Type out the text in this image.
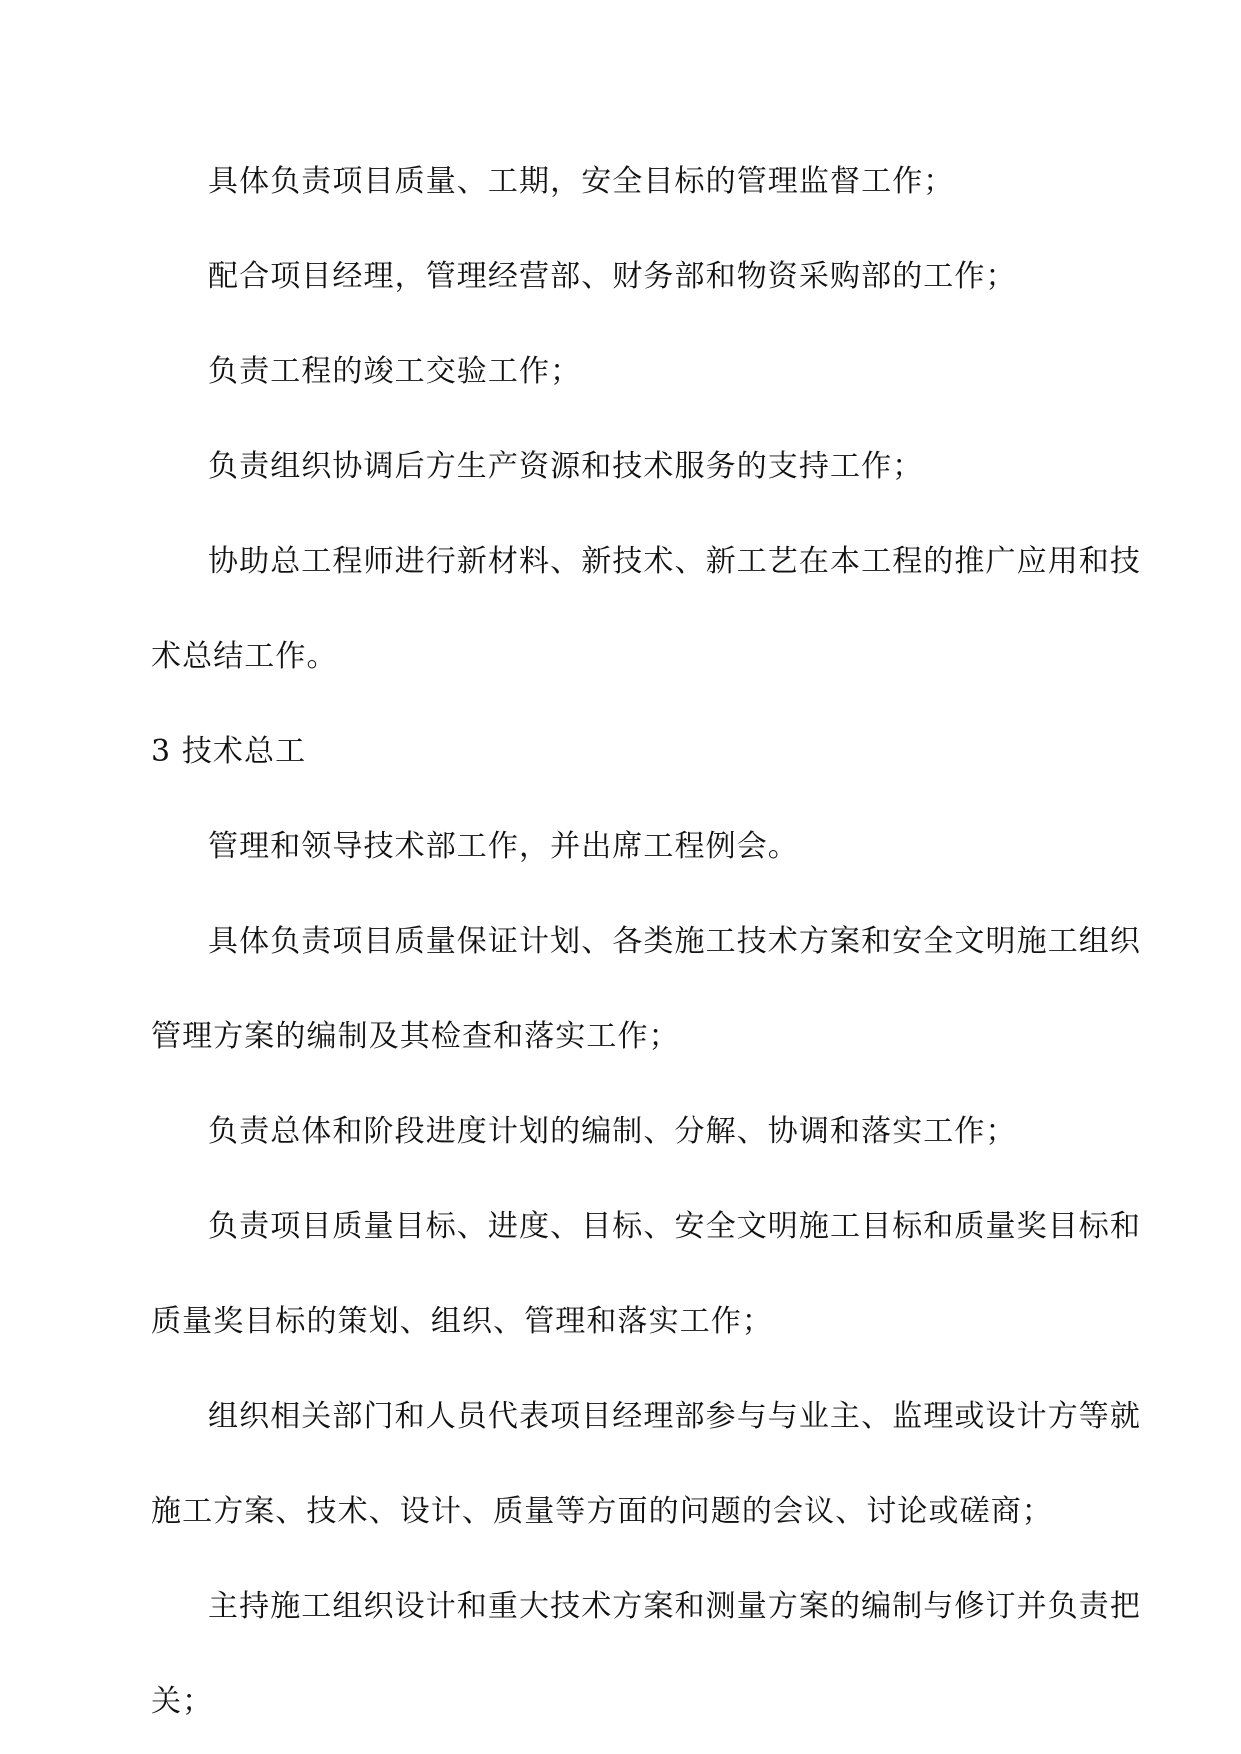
具体负责项目质量、工期，安全目标的管理监督工作；
配合项目经理，管理经营部、财务部和物资采购部的工作；
负责工程的竣工交验工作；
负责组织协调后方生产资源和技术服务的支持工作；
协助总工程师进行新材料、新技术、新工艺在本工程的推广应用和技
术总结工作。
3 技术总工
管理和领导技术部工作，并出席工程例会。
具体负责项目质量保证计划、各类施工技术方案和安全文明施工组织
管理方案的编制及其检查和落实工作；
负责总体和阶段进度计划的编制、分解、协调和落实工作；
负责项目质量目标、进度、目标、安全文明施工目标和质量奖目标和
质量奖目标的策划、组织、管理和落实工作；
组织相关部门和人员代表项目经理部参与与业主、监理或设计方等就
施工方案、技术、设计、质量等方面的问题的会议、讨论或磋商；
主持施工组织设计和重大技术方案和测量方案的编制与修订并负责把
关；
